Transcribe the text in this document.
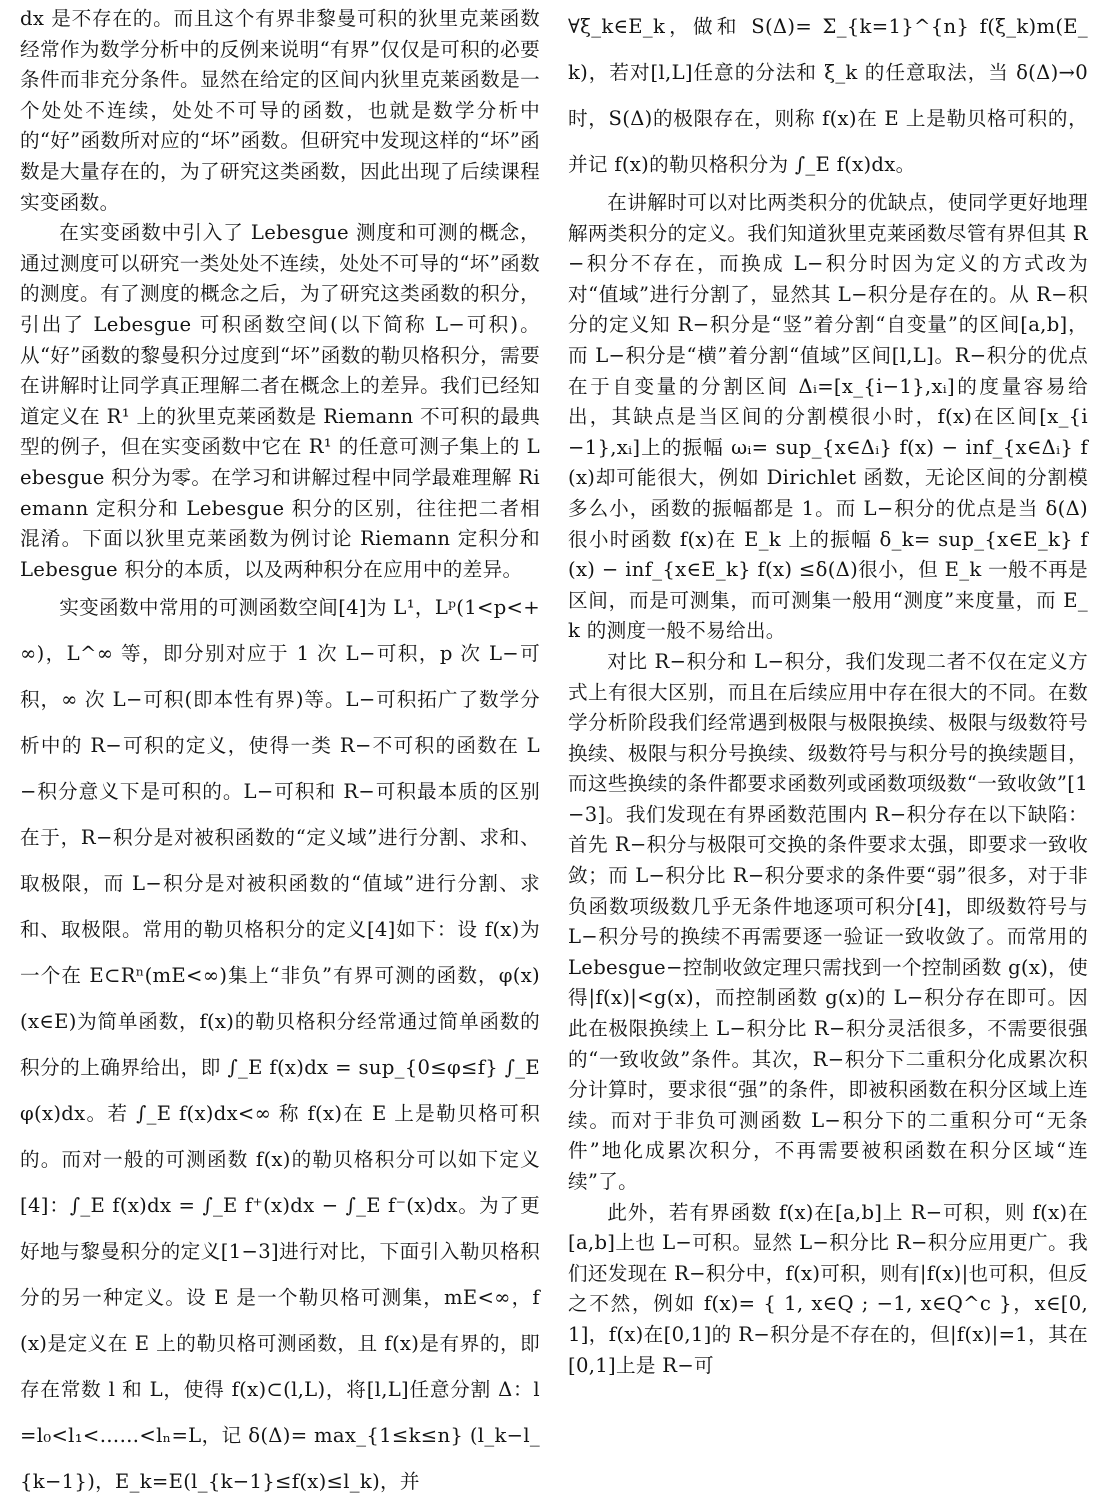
dx 是不存在的。而且这个有界非黎曼可积的狄里克莱函数经常作为数学分析中的反例来说明“有界”仅仅是可积的必要条件而非充分条件。显然在给定的区间内狄里克莱函数是一个处处不连续，处处不可导的函数，也就是数学分析中的“好”函数所对应的“坏”函数。但研究中发现这样的“坏”函数是大量存在的，为了研究这类函数，因此出现了后续课程实变函数。

在实变函数中引入了 Lebesgue 测度和可测的概念，通过测度可以研究一类处处不连续，处处不可导的“坏”函数的测度。有了测度的概念之后，为了研究这类函数的积分，引出了 Lebesgue 可积函数空间(以下简称 L−可积)。从“好”函数的黎曼积分过度到“坏”函数的勒贝格积分，需要在讲解时让同学真正理解二者在概念上的差异。我们已经知道定义在 R¹ 上的狄里克莱函数是 Riemann 不可积的最典型的例子，但在实变函数中它在 R¹ 的任意可测子集上的 Lebesgue 积分为零。在学习和讲解过程中同学最难理解 Riemann 定积分和 Lebesgue 积分的区别，往往把二者相混淆。下面以狄里克莱函数为例讨论 Riemann 定积分和 Lebesgue 积分的本质，以及两种积分在应用中的差异。

实变函数中常用的可测函数空间[4]为 L¹，Lᵖ(1<p<+∞)，L^∞ 等，即分别对应于 1 次 L−可积，p 次 L−可积，∞ 次 L−可积(即本性有界)等。L−可积拓广了数学分析中的 R−可积的定义，使得一类 R−不可积的函数在 L−积分意义下是可积的。L−可积和 R−可积最本质的区别在于，R−积分是对被积函数的“定义域”进行分割、求和、取极限，而 L−积分是对被积函数的“值域”进行分割、求和、取极限。常用的勒贝格积分的定义[4]如下：设 f(x)为一个在 E⊂Rⁿ(mE<∞)集上“非负”有界可测的函数，φ(x)(x∈E)为简单函数，f(x)的勒贝格积分经常通过简单函数的积分的上确界给出，即 ∫_E f(x)dx = sup_{0≤φ≤f} ∫_E φ(x)dx。若 ∫_E f(x)dx<∞ 称 f(x)在 E 上是勒贝格可积的。而对一般的可测函数 f(x)的勒贝格积分可以如下定义[4]：∫_E f(x)dx = ∫_E f⁺(x)dx − ∫_E f⁻(x)dx。为了更好地与黎曼积分的定义[1−3]进行对比，下面引入勒贝格积分的另一种定义。设 E 是一个勒贝格可测集，mE<∞，f(x)是定义在 E 上的勒贝格可测函数，且 f(x)是有界的，即存在常数 l 和 L，使得 f(x)⊂(l,L)，将[l,L]任意分割 Δ：l=l₀<l₁<……<lₙ=L，记 δ(Δ)= max_{1≤k≤n} (l_k−l_{k−1})，E_k=E(l_{k−1}≤f(x)≤l_k)，并

∀ξ_k∈E_k，做和 S(Δ)= Σ_{k=1}^{n} f(ξ_k)m(E_k)，若对[l,L]任意的分法和 ξ_k 的任意取法，当 δ(Δ)→0 时，S(Δ)的极限存在，则称 f(x)在 E 上是勒贝格可积的，并记 f(x)的勒贝格积分为 ∫_E f(x)dx。

在讲解时可以对比两类积分的优缺点，使同学更好地理解两类积分的定义。我们知道狄里克莱函数尽管有界但其 R−积分不存在，而换成 L−积分时因为定义的方式改为对“值域”进行分割了，显然其 L−积分是存在的。从 R−积分的定义知 R−积分是“竖”着分割“自变量”的区间[a,b]，而 L−积分是“横”着分割“值域”区间[l,L]。R−积分的优点在于自变量的分割区间 Δᵢ=[x_{i−1},xᵢ]的度量容易给出，其缺点是当区间的分割模很小时，f(x)在区间[x_{i−1},xᵢ]上的振幅 ωᵢ= sup_{x∈Δᵢ} f(x) − inf_{x∈Δᵢ} f(x)却可能很大，例如 Dirichlet 函数，无论区间的分割模多么小，函数的振幅都是 1。而 L−积分的优点是当 δ(Δ)很小时函数 f(x)在 E_k 上的振幅 δ_k= sup_{x∈E_k} f(x) − inf_{x∈E_k} f(x) ≤δ(Δ)很小，但 E_k 一般不再是区间，而是可测集，而可测集一般用“测度”来度量，而 E_k 的测度一般不易给出。

对比 R−积分和 L−积分，我们发现二者不仅在定义方式上有很大区别，而且在后续应用中存在很大的不同。在数学分析阶段我们经常遇到极限与极限换续、极限与级数符号换续、极限与积分号换续、级数符号与积分号的换续题目，而这些换续的条件都要求函数列或函数项级数“一致收敛”[1−3]。我们发现在有界函数范围内 R−积分存在以下缺陷：首先 R−积分与极限可交换的条件要求太强，即要求一致收敛；而 L−积分比 R−积分要求的条件要“弱”很多，对于非负函数项级数几乎无条件地逐项可积分[4]，即级数符号与 L−积分号的换续不再需要逐一验证一致收敛了。而常用的 Lebesgue−控制收敛定理只需找到一个控制函数 g(x)，使得|f(x)|<g(x)，而控制函数 g(x)的 L−积分存在即可。因此在极限换续上 L−积分比 R−积分灵活很多，不需要很强的“一致收敛”条件。其次，R−积分下二重积分化成累次积分计算时，要求很“强”的条件，即被积函数在积分区域上连续。而对于非负可测函数 L−积分下的二重积分可“无条件”地化成累次积分，不再需要被积函数在积分区域“连续”了。

此外，若有界函数 f(x)在[a,b]上 R−可积，则 f(x)在[a,b]上也 L−可积。显然 L−积分比 R−积分应用更广。我们还发现在 R−积分中，f(x)可积，则有|f(x)|也可积，但反之不然，例如 f(x)= { 1, x∈Q ; −1, x∈Q^c }，x∈[0,1]，f(x)在[0,1]的 R−积分是不存在的，但|f(x)|=1，其在[0,1]上是 R−可
